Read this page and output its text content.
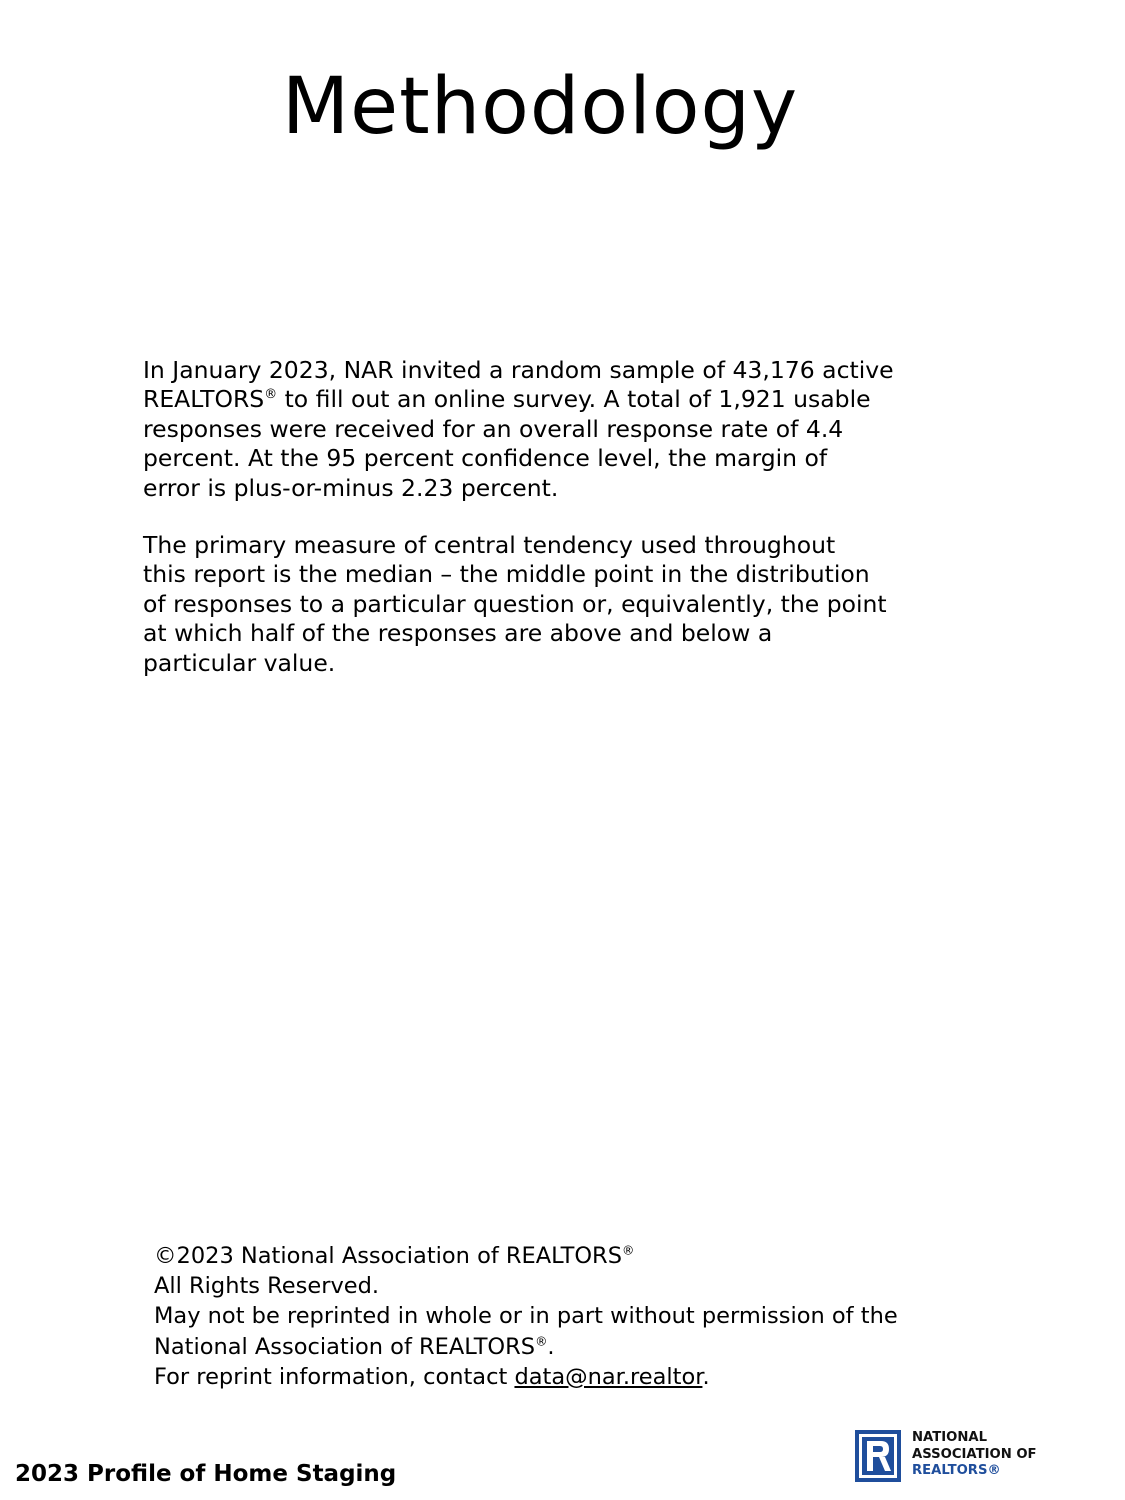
Methodology

In January 2023, NAR invited a random sample of 43,176 active
REALTORS® to fill out an online survey. A total of 1,921 usable
responses were received for an overall response rate of 4.4
percent. At the 95 percent confidence level, the margin of
error is plus-or-minus 2.23 percent.

The primary measure of central tendency used throughout
this report is the median – the middle point in the distribution
of responses to a particular question or, equivalently, the point
at which half of the responses are above and below a
particular value.

©2023 National Association of REALTORS®
All Rights Reserved.
May not be reprinted in whole or in part without permission of the
National Association of REALTORS®.
For reprint information, contact data@nar.realtor.
2023 Profile of Home Staging
NATIONAL
ASSOCIATION OF
REALTORS®
